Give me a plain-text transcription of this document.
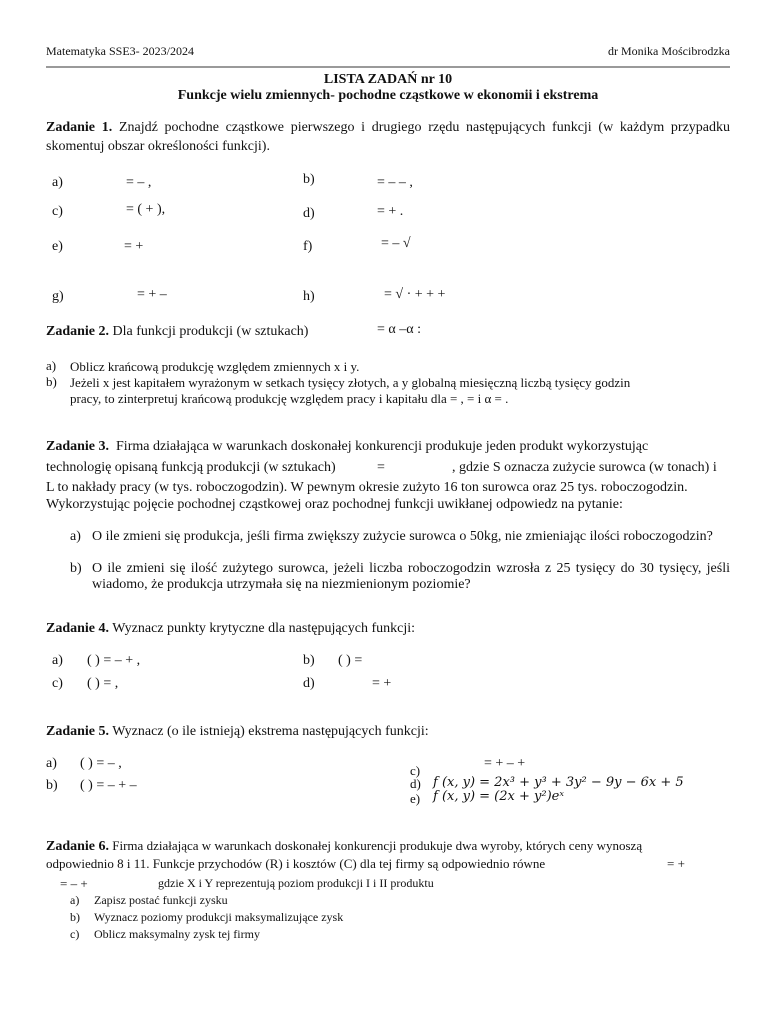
Matematyka SSE3- 2023/2024	dr Monika Mościbrodzka
LISTA ZADAŃ nr 10
Funkcje wielu zmiennych- pochodne cząstkowe w ekonomii i ekstrema
Zadanie 1. Znajdź pochodne cząstkowe pierwszego i drugiego rzędu następujących funkcji (w każdym przypadku skomentuj obszar określoności funkcji).
a)	= – ,	b)	= – – ,
c)	= ( + ),	d)	= + .
e)	= +	f)	= – √
g)	= + –	h)	= √ · + + +
Zadanie 2. Dla funkcji produkcji (w sztukach)	= α –α :
a) Oblicz krańcową produkcję względem zmiennych x i y.
b) Jeżeli x jest kapitałem wyrażonym w setkach tysięcy złotych, a y globalną miesięczną liczbą tysięcy godzin
pracy, to zinterpretuj krańcową produkcję względem pracy i kapitału dla = , = i α = .
Zadanie 3. Firma działająca w warunkach doskonałej konkurencji produkuje jeden produkt wykorzystując
technologię opisaną funkcją produkcji (w sztukach)	=	, gdzie S oznacza zużycie surowca (w tonach) i
L to nakłady pracy (w tys. roboczogodzin). W pewnym okresie zużyto 16 ton surowca oraz 25 tys. roboczogodzin.
Wykorzystując pojęcie pochodnej cząstkowej oraz pochodnej funkcji uwikłanej odpowiedz na pytanie:
a) O ile zmieni się produkcja, jeśli firma zwiększy zużycie surowca o 50kg, nie zmieniając ilości roboczogodzin?
b) O ile zmieni się ilość zużytego surowca, jeżeli liczba roboczogodzin wzrosła z 25 tysięcy do 30 tysięcy, jeśli wiadomo, że produkcja utrzymała się na niezmienionym poziomie?
Zadanie 4. Wyznacz punkty krytyczne dla następujących funkcji:
a) ( ) = – + ,	b) ( ) =
c) ( ) = ,	d)	= +
Zadanie 5. Wyznacz (o ile istnieją) ekstrema następujących funkcji:
a) ( ) = – ,
b) ( ) = – + –
= + – +
c)
d) f (x, y) = 2x³ + y³ + 3y² − 9y − 6x + 5
e) f (x, y) = (2x + y²)eˣ
Zadanie 6. Firma działająca w warunkach doskonałej konkurencji produkuje dwa wyroby, których ceny wynoszą
odpowiednio 8 i 11. Funkcje przychodów (R) i kosztów (C) dla tej firmy są odpowiednio równe	= +
= – +	gdzie X i Y reprezentują poziom produkcji I i II produktu
a) Zapisz postać funkcji zysku
b) Wyznacz poziomy produkcji maksymalizujące zysk
c) Oblicz maksymalny zysk tej firmy
